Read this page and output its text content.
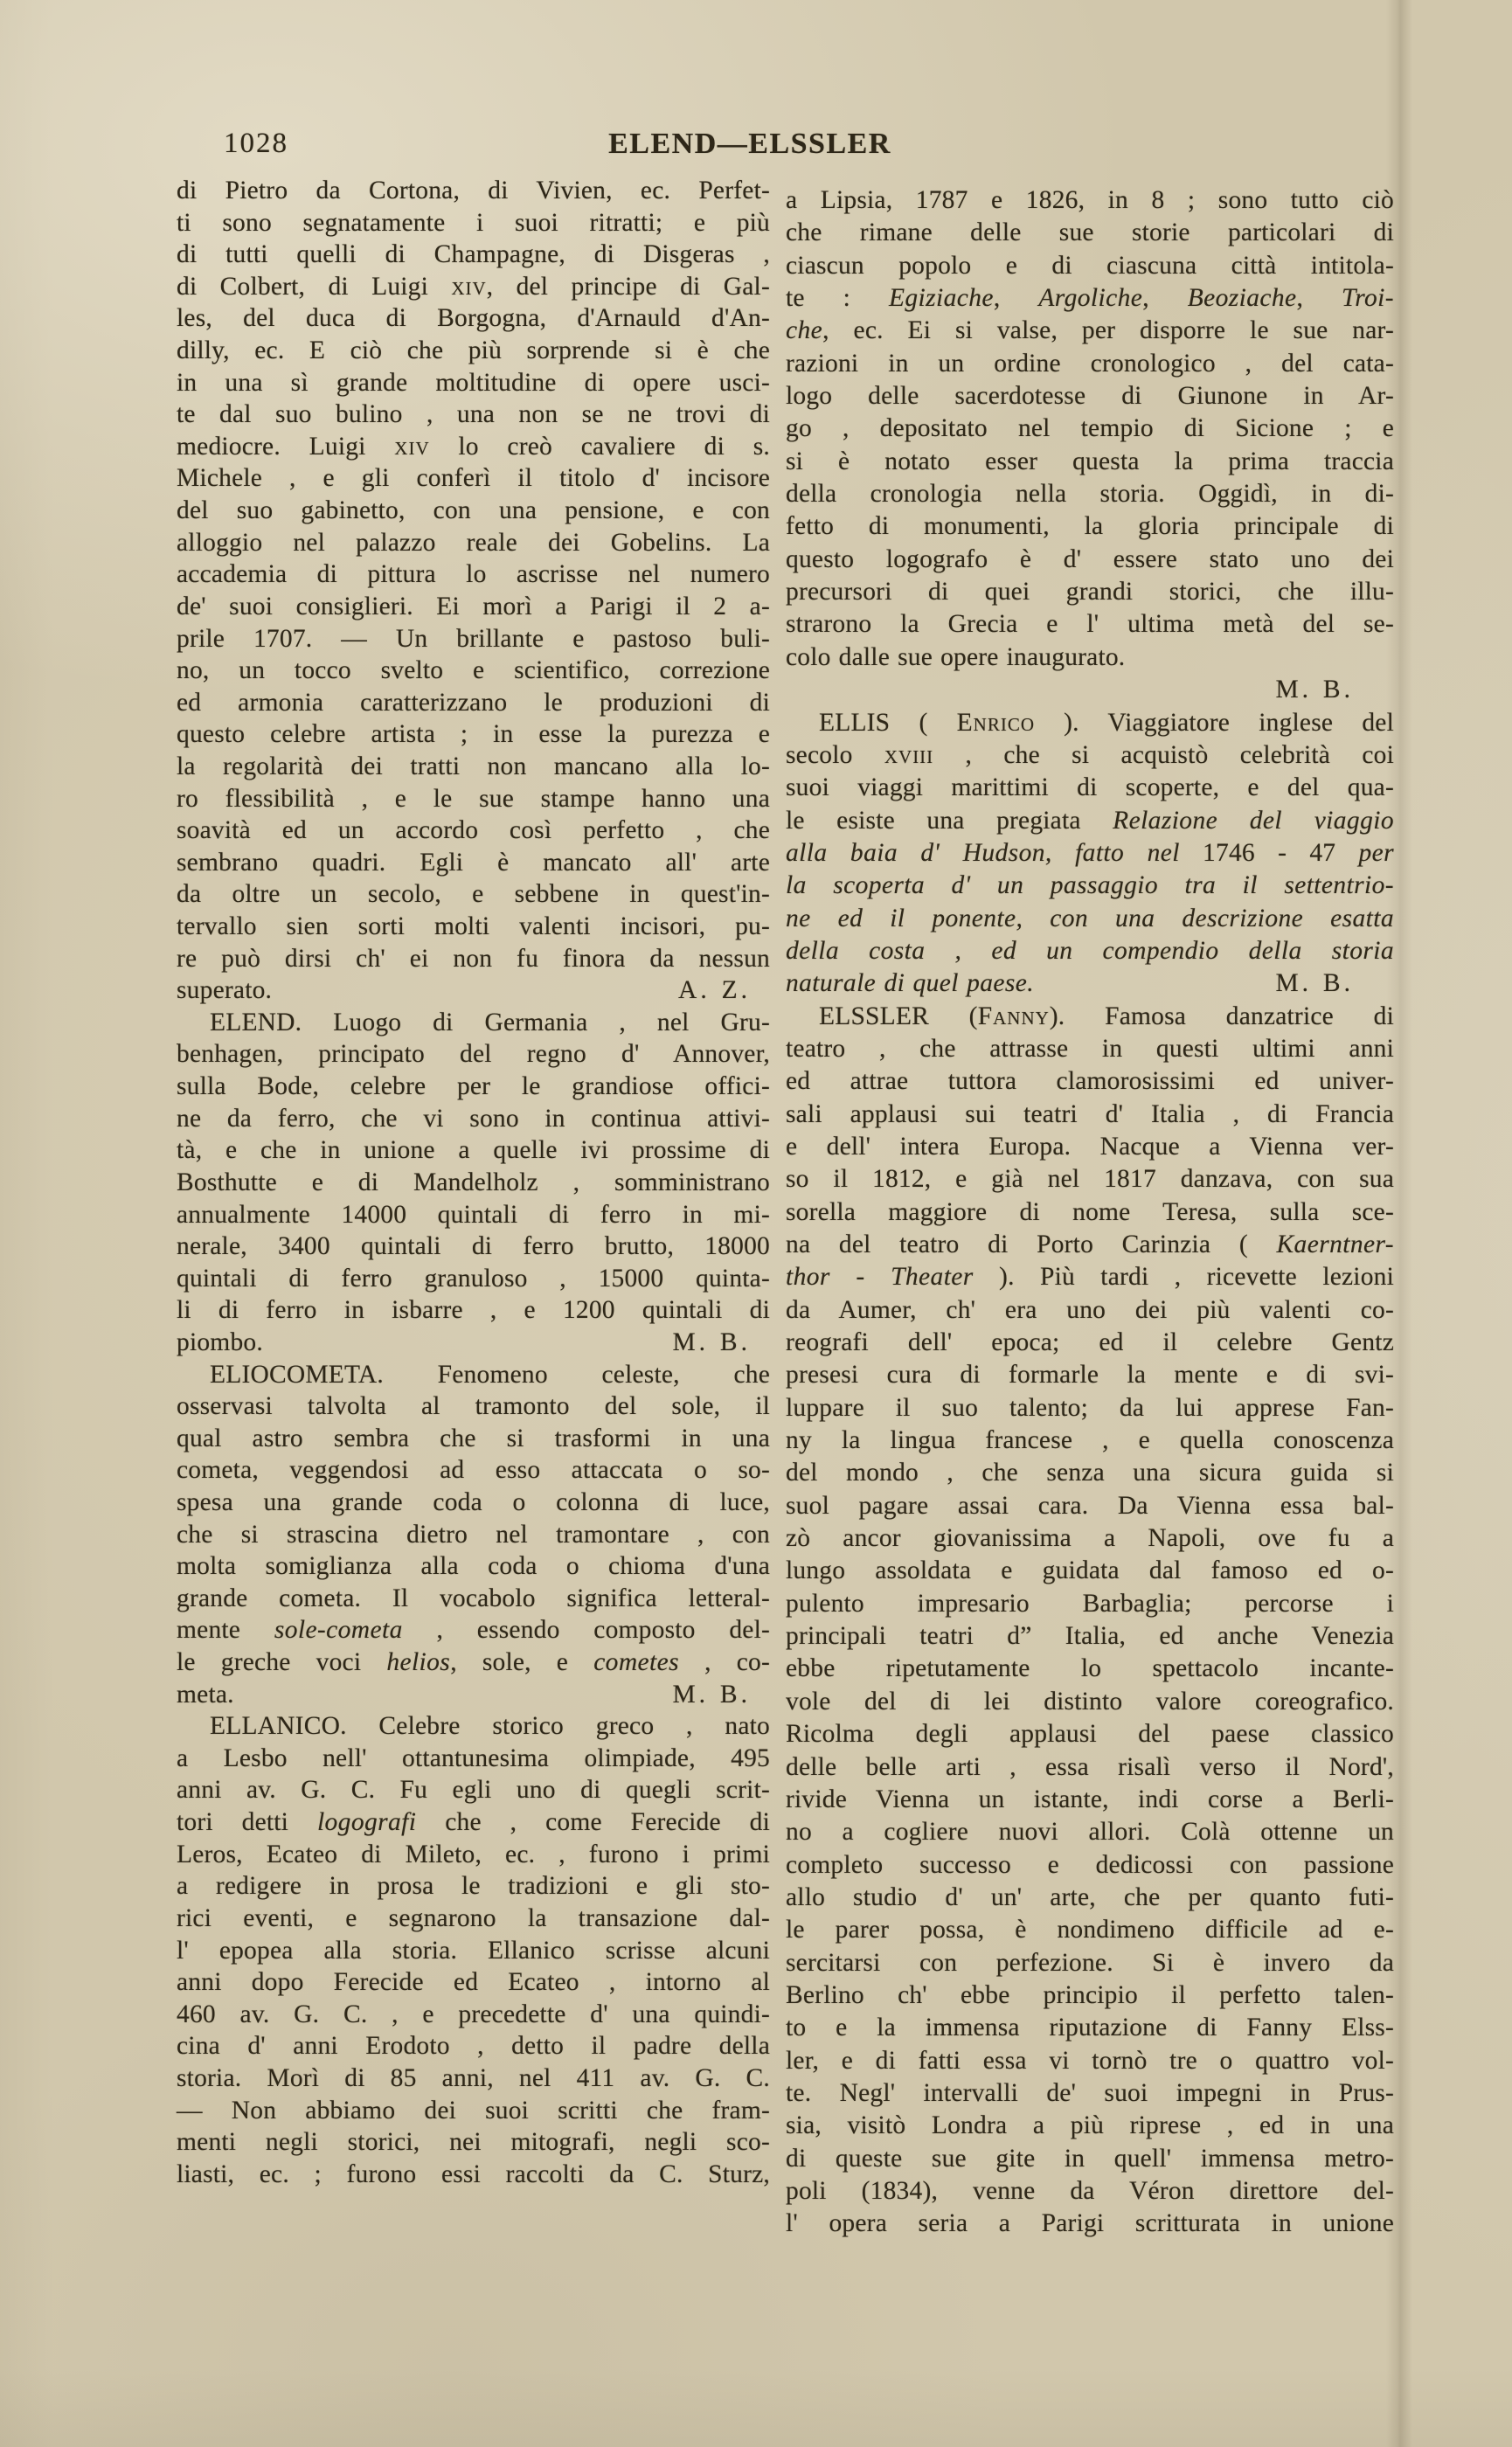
1028	ELEND—ELSSLER
di Pietro da Cortona, di Vivien, ec. Perfet-
ti sono segnatamente i suoi ritratti; e più
di tutti quelli di Champagne, di Disgeras ,
di Colbert, di Luigi xiv, del principe di Gal-
les, del duca di Borgogna, d'Arnauld d'An-
dilly, ec. E ciò che più sorprende si è che
in una sì grande moltitudine di opere usci-
te dal suo bulino , una non se ne trovi di
mediocre. Luigi xiv lo creò cavaliere di s.
Michele , e gli conferì il titolo d' incisore
del suo gabinetto, con una pensione, e con
alloggio nel palazzo reale dei Gobelins. La
accademia di pittura lo ascrisse nel numero
de' suoi consiglieri. Ei morì a Parigi il 2 a-
prile 1707. — Un brillante e pastoso buli-
no, un tocco svelto e scientifico, correzione
ed armonia caratterizzano le produzioni di
questo celebre artista ; in esse la purezza e
la regolarità dei tratti non mancano alla lo-
ro flessibilità , e le sue stampe hanno una
soavità ed un accordo così perfetto , che
sembrano quadri. Egli è mancato all' arte
da oltre un secolo, e sebbene in quest'in-
tervallo sien sorti molti valenti incisori, pu-
re può dirsi ch' ei non fu finora da nessun
superato.	A. Z.
ELEND. Luogo di Germania , nel Gru-
benhagen, principato del regno d' Annover,
sulla Bode, celebre per le grandiose offici-
ne da ferro, che vi sono in continua attivi-
tà, e che in unione a quelle ivi prossime di
Bosthutte e di Mandelholz , somministrano
annualmente 14000 quintali di ferro in mi-
nerale, 3400 quintali di ferro brutto, 18000
quintali di ferro granuloso , 15000 quinta-
li di ferro in isbarre , e 1200 quintali di
piombo.	M. B.
ELIOCOMETA. Fenomeno celeste, che
osservasi talvolta al tramonto del sole, il
qual astro sembra che si trasformi in una
cometa, veggendosi ad esso attaccata o so-
spesa una grande coda o colonna di luce,
che si strascina dietro nel tramontare , con
molta somiglianza alla coda o chioma d'una
grande cometa. Il vocabolo significa letteral-
mente sole-cometa , essendo composto del-
le greche voci helios, sole, e cometes , co-
meta.	M. B.
ELLANICO. Celebre storico greco , nato
a Lesbo nell' ottantunesima olimpiade, 495
anni av. G. C. Fu egli uno di quegli scrit-
tori detti logografi che , come Ferecide di
Leros, Ecateo di Mileto, ec. , furono i primi
a redigere in prosa le tradizioni e gli sto-
rici eventi, e segnarono la transazione dal-
l' epopea alla storia. Ellanico scrisse alcuni
anni dopo Ferecide ed Ecateo , intorno al
460 av. G. C. , e precedette d' una quindi-
cina d' anni Erodoto , detto il padre della
storia. Morì di 85 anni, nel 411 av. G. C.
— Non abbiamo dei suoi scritti che fram-
menti negli storici, nei mitografi, negli sco-
liasti, ec. ; furono essi raccolti da C. Sturz,
a Lipsia, 1787 e 1826, in 8 ; sono tutto ciò
che rimane delle sue storie particolari di
ciascun popolo e di ciascuna città intitola-
te : Egiziache, Argoliche, Beoziache, Troi-
che, ec. Ei si valse, per disporre le sue nar-
razioni in un ordine cronologico , del cata-
logo delle sacerdotesse di Giunone in Ar-
go , depositato nel tempio di Sicione ; e
si è notato esser questa la prima traccia
della cronologia nella storia. Oggidì, in di-
fetto di monumenti, la gloria principale di
questo logografo è d' essere stato uno dei
precursori di quei grandi storici, che illu-
strarono la Grecia e l' ultima metà del se-
colo dalle sue opere inaugurato.
M. B.
ELLIS ( Enrico ). Viaggiatore inglese del
secolo xviii , che si acquistò celebrità coi
suoi viaggi marittimi di scoperte, e del qua-
le esiste una pregiata Relazione del viaggio
alla baia d' Hudson, fatto nel 1746 - 47 per
la scoperta d' un passaggio tra il settentrio-
ne ed il ponente, con una descrizione esatta
della costa , ed un compendio della storia
naturale di quel paese.	M. B.
ELSSLER (Fanny). Famosa danzatrice di
teatro , che attrasse in questi ultimi anni
ed attrae tuttora clamorosissimi ed univer-
sali applausi sui teatri d' Italia , di Francia
e dell' intera Europa. Nacque a Vienna ver-
so il 1812, e già nel 1817 danzava, con sua
sorella maggiore di nome Teresa, sulla sce-
na del teatro di Porto Carinzia ( Kaerntner-
thor - Theater ). Più tardi , ricevette lezioni
da Aumer, ch' era uno dei più valenti co-
reografi dell' epoca; ed il celebre Gentz
presesi cura di formarle la mente e di svi-
luppare il suo talento; da lui apprese Fan-
ny la lingua francese , e quella conoscenza
del mondo , che senza una sicura guida si
suol pagare assai cara. Da Vienna essa bal-
zò ancor giovanissima a Napoli, ove fu a
lungo assoldata e guidata dal famoso ed o-
pulento impresario Barbaglia; percorse i
principali teatri d” Italia, ed anche Venezia
ebbe ripetutamente lo spettacolo incante-
vole del di lei distinto valore coreografico.
Ricolma degli applausi del paese classico
delle belle arti , essa risalì verso il Nord',
rivide Vienna un istante, indi corse a Berli-
no a cogliere nuovi allori. Colà ottenne un
completo successo e dedicossi con passione
allo studio d' un' arte, che per quanto futi-
le parer possa, è nondimeno difficile ad e-
sercitarsi con perfezione. Si è invero da
Berlino ch' ebbe principio il perfetto talen-
to e la immensa riputazione di Fanny Elss-
ler, e di fatti essa vi tornò tre o quattro vol-
te. Negl' intervalli de' suoi impegni in Prus-
sia, visitò Londra a più riprese , ed in una
di queste sue gite in quell' immensa metro-
poli (1834), venne da Véron direttore del-
l' opera seria a Parigi scritturata in unione
